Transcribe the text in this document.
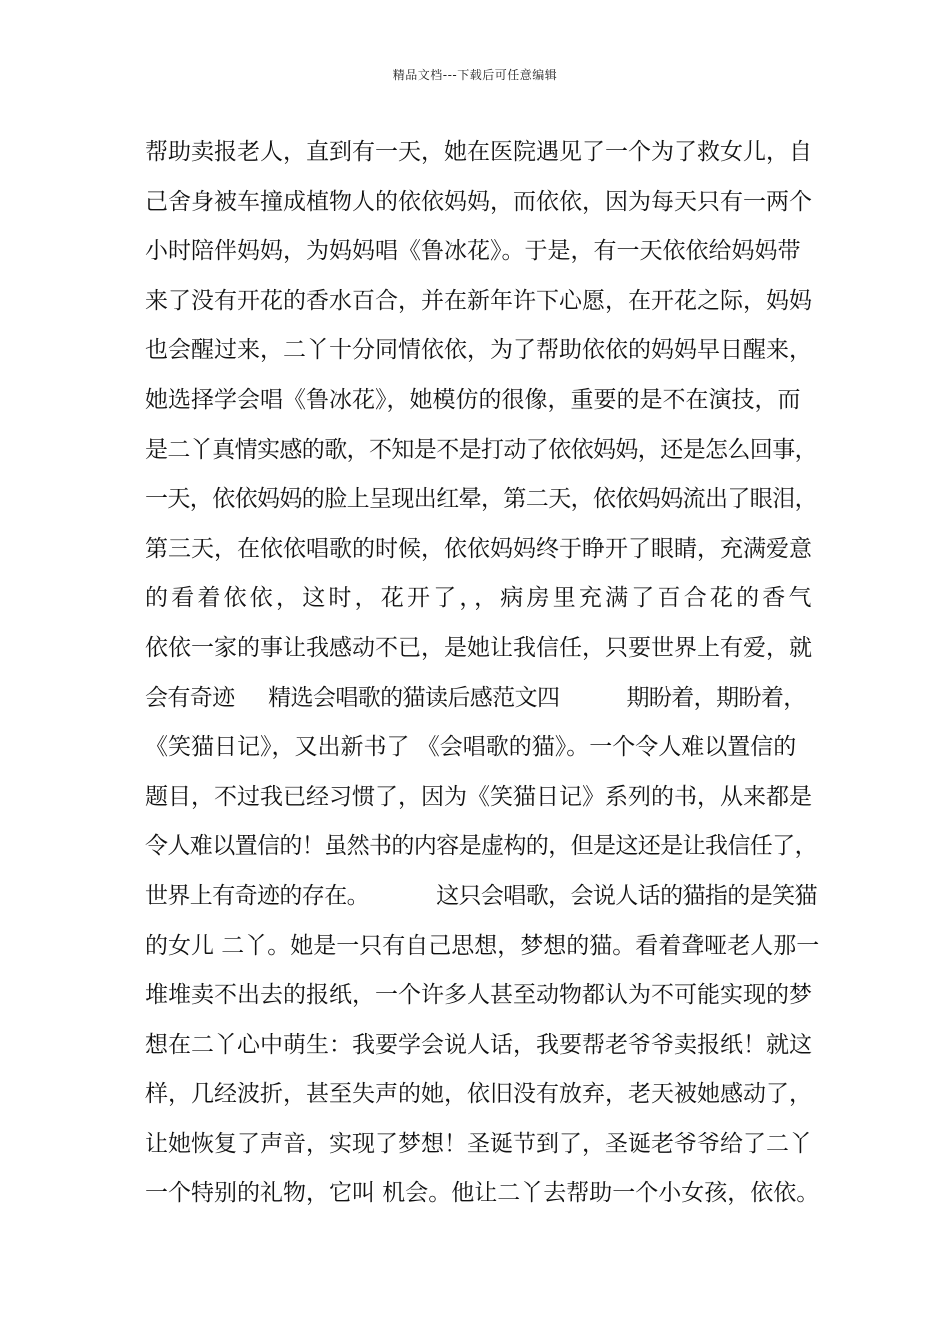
精品文档---下载后可任意编辑
帮助卖报老人，直到有一天，她在医院遇见了一个为了救女儿，自
己舍身被车撞成植物人的依依妈妈，而依依，因为每天只有一两个
小时陪伴妈妈，为妈妈唱《鲁冰花》。于是，有一天依依给妈妈带
来了没有开花的香水百合，并在新年许下心愿，在开花之际，妈妈
也会醒过来，二丫十分同情依依，为了帮助依依的妈妈早日醒来，
她选择学会唱《鲁冰花》，她模仿的很像，重要的是不在演技，而
是二丫真情实感的歌，不知是不是打动了依依妈妈，还是怎么回事，
一天，依依妈妈的脸上呈现出红晕，第二天，依依妈妈流出了眼泪，
第三天，在依依唱歌的时候，依依妈妈终于睁开了眼睛，充满爱意
的看着依依，这时，花开了，，病房里充满了百合花的香气
依依一家的事让我感动不已，是她让我信任，只要世界上有爱，就
会有奇迹     精选会唱歌的猫读后感范文四          期盼着，期盼着，
《笑猫日记》，又出新书了 《会唱歌的猫》。一个令人难以置信的
题目，不过我已经习惯了，因为《笑猫日记》系列的书，从来都是
令人难以置信的！虽然书的内容是虚构的，但是这还是让我信任了，
世界上有奇迹的存在。          这只会唱歌，会说人话的猫指的是笑猫
的女儿 二丫。她是一只有自己思想，梦想的猫。看着聋哑老人那一
堆堆卖不出去的报纸，一个许多人甚至动物都认为不可能实现的梦
想在二丫心中萌生：我要学会说人话，我要帮老爷爷卖报纸！就这
样，几经波折，甚至失声的她，依旧没有放弃，老天被她感动了，
让她恢复了声音，实现了梦想！圣诞节到了，圣诞老爷爷给了二丫
一个特别的礼物，它叫 机会。他让二丫去帮助一个小女孩，依依。
